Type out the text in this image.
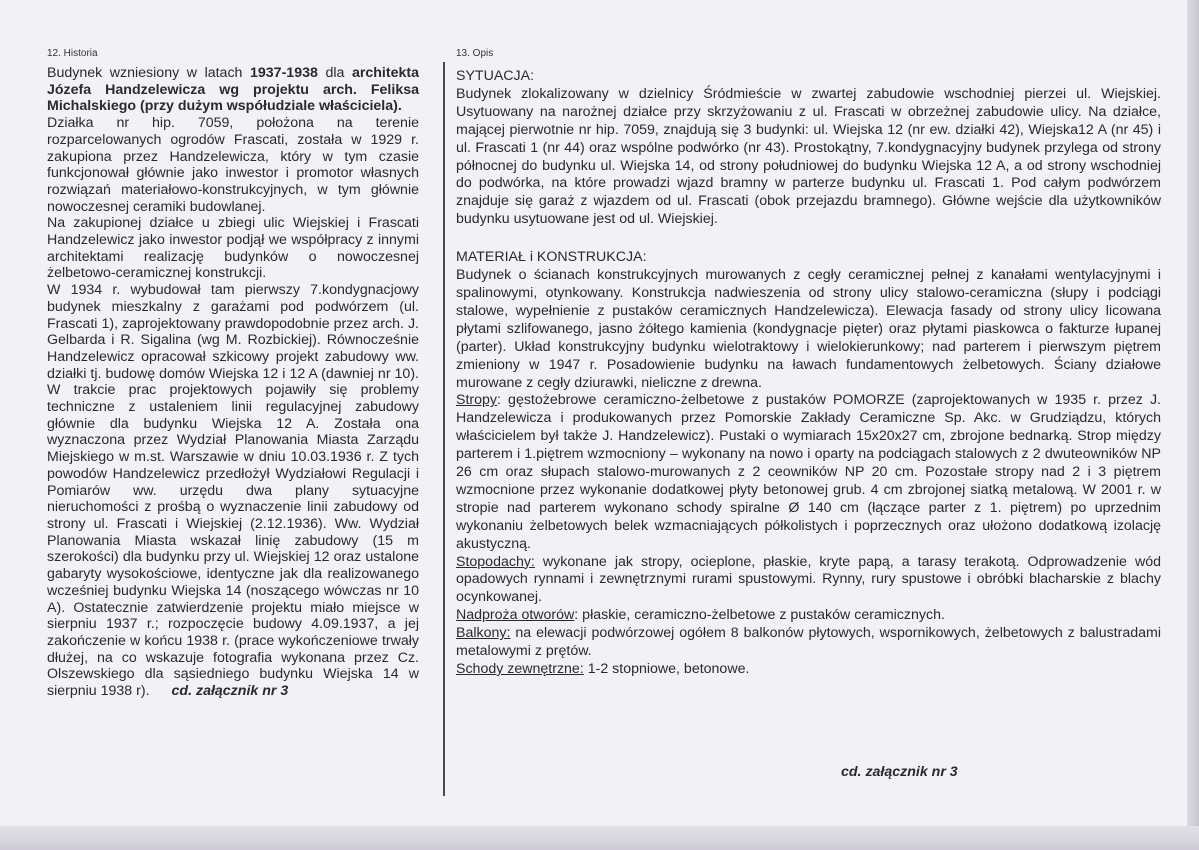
12. Historia

Budynek wzniesiony w latach 1937-1938 dla architekta Józefa Handzelewicza wg projektu arch. Feliksa Michalskiego (przy dużym współudziale właściciela).

Działka nr hip. 7059, położona na terenie rozparcelowanych ogrodów Frascati, została w 1929 r. zakupiona przez Handzelewicza, który w tym czasie funkcjonował głównie jako inwestor i promotor własnych rozwiązań materiałowo-konstrukcyjnych, w tym głównie nowoczesnej ceramiki budowlanej.

Na zakupionej działce u zbiegi ulic Wiejskiej i Frascati Handzelewicz jako inwestor podjął we współpracy z innymi architektami realizację budynków o nowoczesnej żelbetowo-ceramicznej konstrukcji.

W 1934 r. wybudował tam pierwszy 7.kondygnacjowy budynek mieszkalny z garażami pod podwórzem (ul. Frascati 1), zaprojektowany prawdopodobnie przez arch. J. Gelbarda i R. Sigalina (wg M. Rozbickiej). Równocześnie Handzelewicz opracował szkicowy projekt zabudowy ww. działki tj. budowę domów Wiejska 12 i 12 A (dawniej nr 10). W trakcie prac projektowych pojawiły się problemy techniczne z ustaleniem linii regulacyjnej zabudowy głównie dla budynku Wiejska 12 A. Została ona wyznaczona przez Wydział Planowania Miasta Zarządu Miejskiego w m.st. Warszawie w dniu 10.03.1936 r. Z tych powodów Handzelewicz przedłożył Wydziałowi Regulacji i Pomiarów ww. urzędu dwa plany sytuacyjne nieruchomości z prośbą o wyznaczenie linii zabudowy od strony ul. Frascati i Wiejskiej (2.12.1936). Ww. Wydział Planowania Miasta wskazał linię zabudowy (15 m szerokości) dla budynku przy ul. Wiejskiej 12 oraz ustalone gabaryty wysokościowe, identyczne jak dla realizowanego wcześniej budynku Wiejska 14 (noszącego wówczas nr 10 A). Ostatecznie zatwierdzenie projektu miało miejsce w sierpniu 1937 r.; rozpoczęcie budowy 4.09.1937, a jej zakończenie w końcu 1938 r. (prace wykończeniowe trwały dłużej, na co wskazuje fotografia wykonana przez Cz. Olszewskiego dla sąsiedniego budynku Wiejska 14 w sierpniu 1938 r). cd. załącznik nr 3

13. Opis
SYTUACJA:

Budynek zlokalizowany w dzielnicy Śródmieście w zwartej zabudowie wschodniej pierzei ul. Wiejskiej. Usytuowany na narożnej działce przy skrzyżowaniu z ul. Frascati w obrzeżnej zabudowie ulicy. Na działce, mającej pierwotnie nr hip. 7059, znajdują się 3 budynki: ul. Wiejska 12 (nr ew. działki 42), Wiejska12 A (nr 45) i ul. Frascati 1 (nr 44) oraz wspólne podwórko (nr 43). Prostokątny, 7.kondygnacyjny budynek przylega od strony północnej do budynku ul. Wiejska 14, od strony południowej do budynku Wiejska 12 A, a od strony wschodniej do podwórka, na które prowadzi wjazd bramny w parterze budynku ul. Frascati 1. Pod całym podwórzem znajduje się garaż z wjazdem od ul. Frascati (obok przejazdu bramnego). Główne wejście dla użytkowników budynku usytuowane jest od ul. Wiejskiej.

MATERIAŁ i KONSTRUKCJA:

Budynek o ścianach konstrukcyjnych murowanych z cegły ceramicznej pełnej z kanałami wentylacyjnymi i spalinowymi, otynkowany. Konstrukcja nadwieszenia od strony ulicy stalowo-ceramiczna (słupy i podciągi stalowe, wypełnienie z pustaków ceramicznych Handzelewicza). Elewacja fasady od strony ulicy licowana płytami szlifowanego, jasno żółtego kamienia (kondygnacje pięter) oraz płytami piaskowca o fakturze łupanej (parter). Układ konstrukcyjny budynku wielotraktowy i wielokierunkowy; nad parterem i pierwszym piętrem zmieniony w 1947 r. Posadowienie budynku na ławach fundamentowych żelbetowych. Ściany działowe murowane z cegły dziurawki, nieliczne z drewna.

Stropy: gęstożebrowe ceramiczno-żelbetowe z pustaków POMORZE (zaprojektowanych w 1935 r. przez J. Handzelewicza i produkowanych przez Pomorskie Zakłady Ceramiczne Sp. Akc. w Grudziądzu, których właścicielem był także J. Handzelewicz). Pustaki o wymiarach 15x20x27 cm, zbrojone bednarką. Strop między parterem i 1.piętrem wzmocniony – wykonany na nowo i oparty na podciągach stalowych z 2 dwuteowników NP 26 cm oraz słupach stalowo-murowanych z 2 ceowników NP 20 cm. Pozostałe stropy nad 2 i 3 piętrem wzmocnione przez wykonanie dodatkowej płyty betonowej grub. 4 cm zbrojonej siatką metalową. W 2001 r. w stropie nad parterem wykonano schody spiralne Ø 140 cm (łączące parter z 1. piętrem) po uprzednim wykonaniu żelbetowych belek wzmacniających półkolistych i poprzecznych oraz ułożono dodatkową izolację akustyczną.

Stopodachy: wykonane jak stropy, ocieplone, płaskie, kryte papą, a tarasy terakotą. Odprowadzenie wód opadowych rynnami i zewnętrznymi rurami spustowymi. Rynny, rury spustowe i obróbki blacharskie z blachy ocynkowanej.

Nadproża otworów: płaskie, ceramiczno-żelbetowe z pustaków ceramicznych.

Balkony: na elewacji podwórzowej ogółem 8 balkonów płytowych, wspornikowych, żelbetowych z balustradami metalowymi z prętów.

Schody zewnętrzne: 1-2 stopniowe, betonowe.

cd. załącznik nr 3
